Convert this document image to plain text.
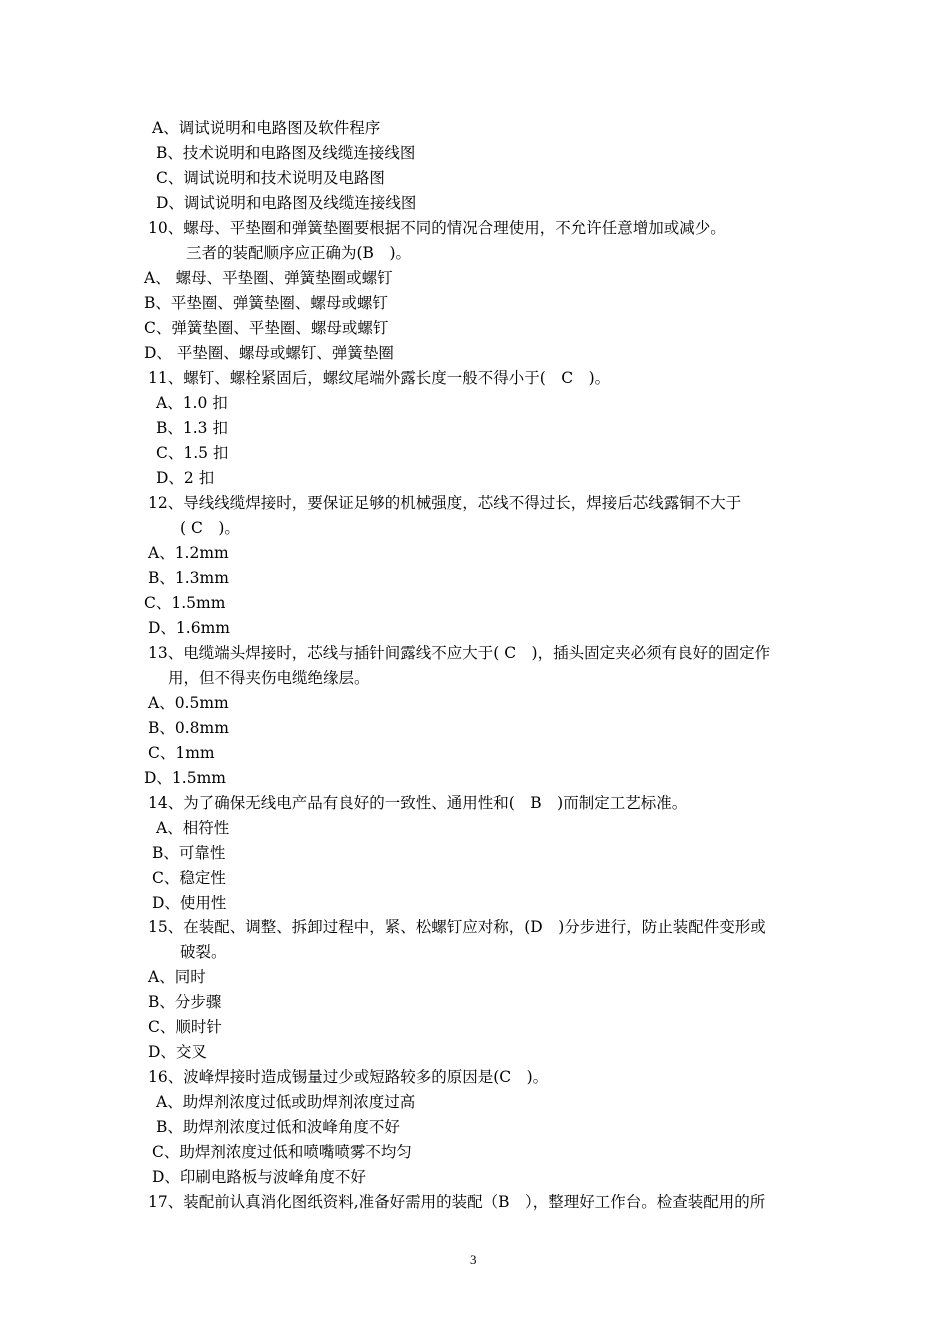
A、调试说明和电路图及软件程序
B、技术说明和电路图及线缆连接线图
C、调试说明和技术说明及电路图
D、调试说明和电路图及线缆连接线图
10、螺母、平垫圈和弹簧垫圈要根据不同的情况合理使用，不允许任意增加或减少。
三者的装配顺序应正确为(B　)。
A、 螺母、平垫圈、弹簧垫圈或螺钉
B、平垫圈、弹簧垫圈、螺母或螺钉
C、弹簧垫圈、平垫圈、螺母或螺钉
D、 平垫圈、螺母或螺钉、弹簧垫圈
11、螺钉、螺栓紧固后，螺纹尾端外露长度一般不得小于(　C　)。
A、1.0 扣
B、1.3 扣
C、1.5 扣
D、2 扣
12、导线线缆焊接时，要保证足够的机械强度，芯线不得过长，焊接后芯线露铜不大于
( C　)。
A、1.2mm
B、1.3mm
C、1.5mm
D、1.6mm
13、电缆端头焊接时，芯线与插针间露线不应大于( C　)，插头固定夹必须有良好的固定作
用，但不得夹伤电缆绝缘层。
A、0.5mm
B、0.8mm
C、1mm
D、1.5mm
14、为了确保无线电产品有良好的一致性、通用性和(　B　)而制定工艺标准。
A、相符性
B、可靠性
C、稳定性
D、使用性
15、在装配、调整、拆卸过程中，紧、松螺钉应对称，(D　)分步进行，防止装配件变形或
破裂。
A、同时
B、分步骤
C、顺时针
D、交叉
16、波峰焊接时造成锡量过少或短路较多的原因是(C　)。
A、助焊剂浓度过低或助焊剂浓度过高
B、助焊剂浓度过低和波峰角度不好
C、助焊剂浓度过低和喷嘴喷雾不均匀
D、印刷电路板与波峰角度不好
17、装配前认真消化图纸资料,准备好需用的装配（B　），整理好工作台。检查装配用的所
3
